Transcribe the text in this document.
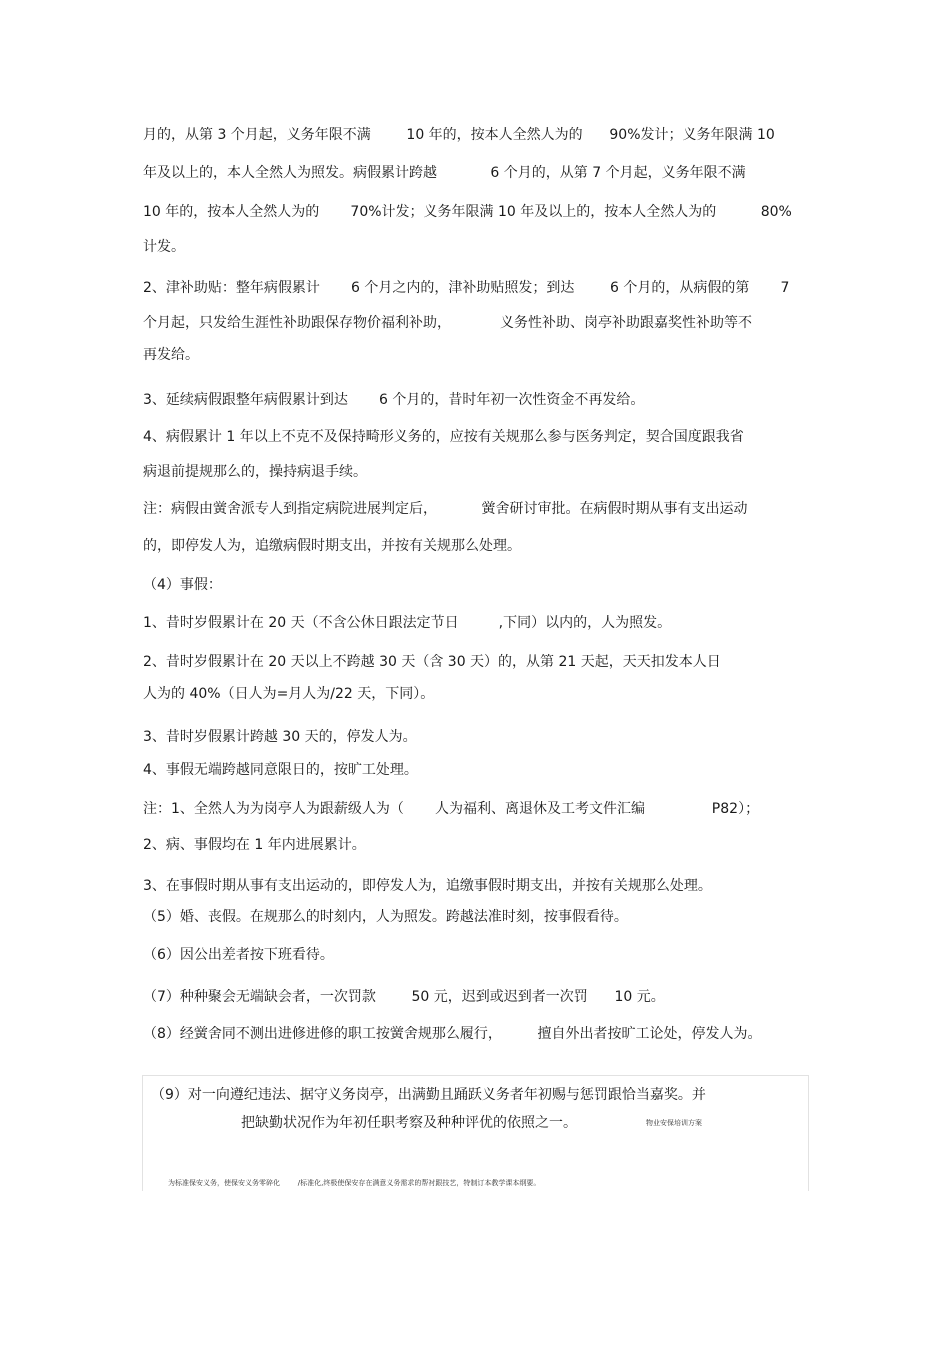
月的，从第 3 个月起，义务年限不满        10 年的，按本人全然人为的      90%发计；义务年限满 10
年及以上的，本人全然人为照发。病假累计跨越            6 个月的，从第 7 个月起，义务年限不满
10 年的，按本人全然人为的       70%计发；义务年限满 10 年及以上的，按本人全然人为的          80%
计发。
2、津补助贴：整年病假累计       6 个月之内的，津补助贴照发；到达        6 个月的，从病假的第       7
个月起，只发给生涯性补助跟保存物价福利补助，           义务性补助、岗亭补助跟嘉奖性补助等不
再发给。
3、延续病假跟整年病假累计到达       6 个月的，昔时年初一次性资金不再发给。
4、病假累计 1 年以上不克不及保持畸形义务的，应按有关规那么参与医务判定，契合国度跟我省
病退前提规那么的，操持病退手续。
注：病假由黉舍派专人到指定病院进展判定后，          黉舍研讨审批。在病假时期从事有支出运动
的，即停发人为，追缴病假时期支出，并按有关规那么处理。
（4）事假：
1、昔时岁假累计在 20 天（不含公休日跟法定节日         ,下同）以内的，人为照发。
2、昔时岁假累计在 20 天以上不跨越 30 天（含 30 天）的，从第 21 天起，天天扣发本人日
人为的 40%（日人为=月人为/22 天，下同）。
3、昔时岁假累计跨越 30 天的，停发人为。
4、事假无端跨越同意限日的，按旷工处理。
注：1、全然人为为岗亭人为跟薪级人为（       人为福利、离退休及工考文件汇编               P82）；
2、病、事假均在 1 年内进展累计。
3、在事假时期从事有支出运动的，即停发人为，追缴事假时期支出，并按有关规那么处理。
（5）婚、丧假。在规那么的时刻内，人为照发。跨越法准时刻，按事假看待。
（6）因公出差者按下班看待。
（7）种种聚会无端缺会者，一次罚款        50 元，迟到或迟到者一次罚      10 元。
（8）经黉舍同不测出进修进修的职工按黉舍规那么履行，        擅自外出者按旷工论处，停发人为。
（9）对一向遵纪违法、据守义务岗亭，出满勤且踊跃义务者年初赐与惩罚跟恰当嘉奖。并
把缺勤状况作为年初任职考察及种种评优的依照之一。	物业安保培训方案
为标准保安义务，使保安义务零碎化        /标准化,终极使保安存在满意义务需求的帮衬跟技艺，特制订本教学课本纲要。
